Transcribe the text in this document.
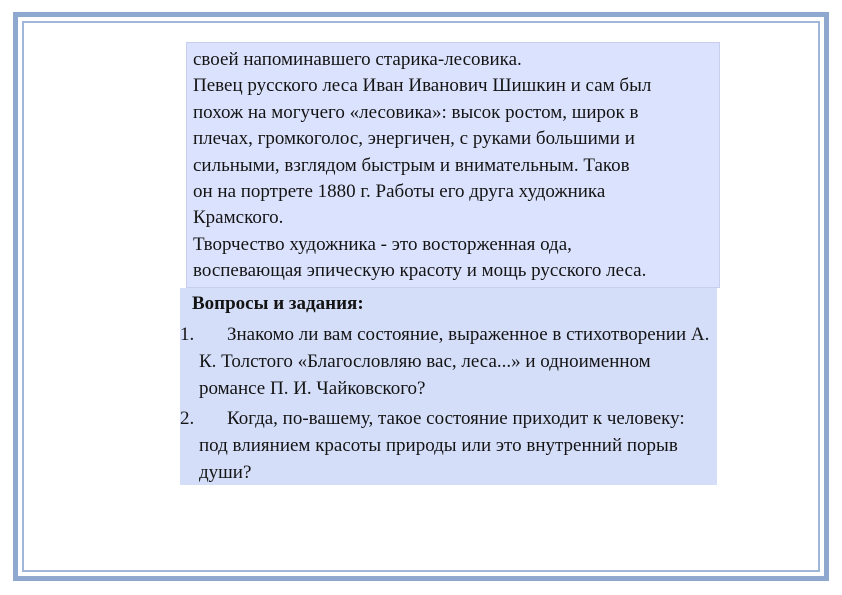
своей напоминавшего старика-лесовика.

Певец русского леса Иван Иванович Шишкин и сам был

похож на могучего «лесовика»: высок ростом, широк в

плечах, громкоголос, энергичен, с руками большими и

сильными, взглядом быстрым и внимательным. Таков

он на портрете 1880 г. Работы его друга художника

Крамского.

Творчество художника - это восторженная ода,

воспевающая эпическую красоту и мощь русского леса.

Вопросы и задания:
1.	Знакомо ли вам состояние, выраженное в стихотворении А. К. Толстого «Благословляю вас, леса...» и одноименном романсе П. И. Чайковского?
2.	Когда, по-вашему, такое состояние приходит к человеку: под влиянием красоты природы или это внутренний порыв души?
